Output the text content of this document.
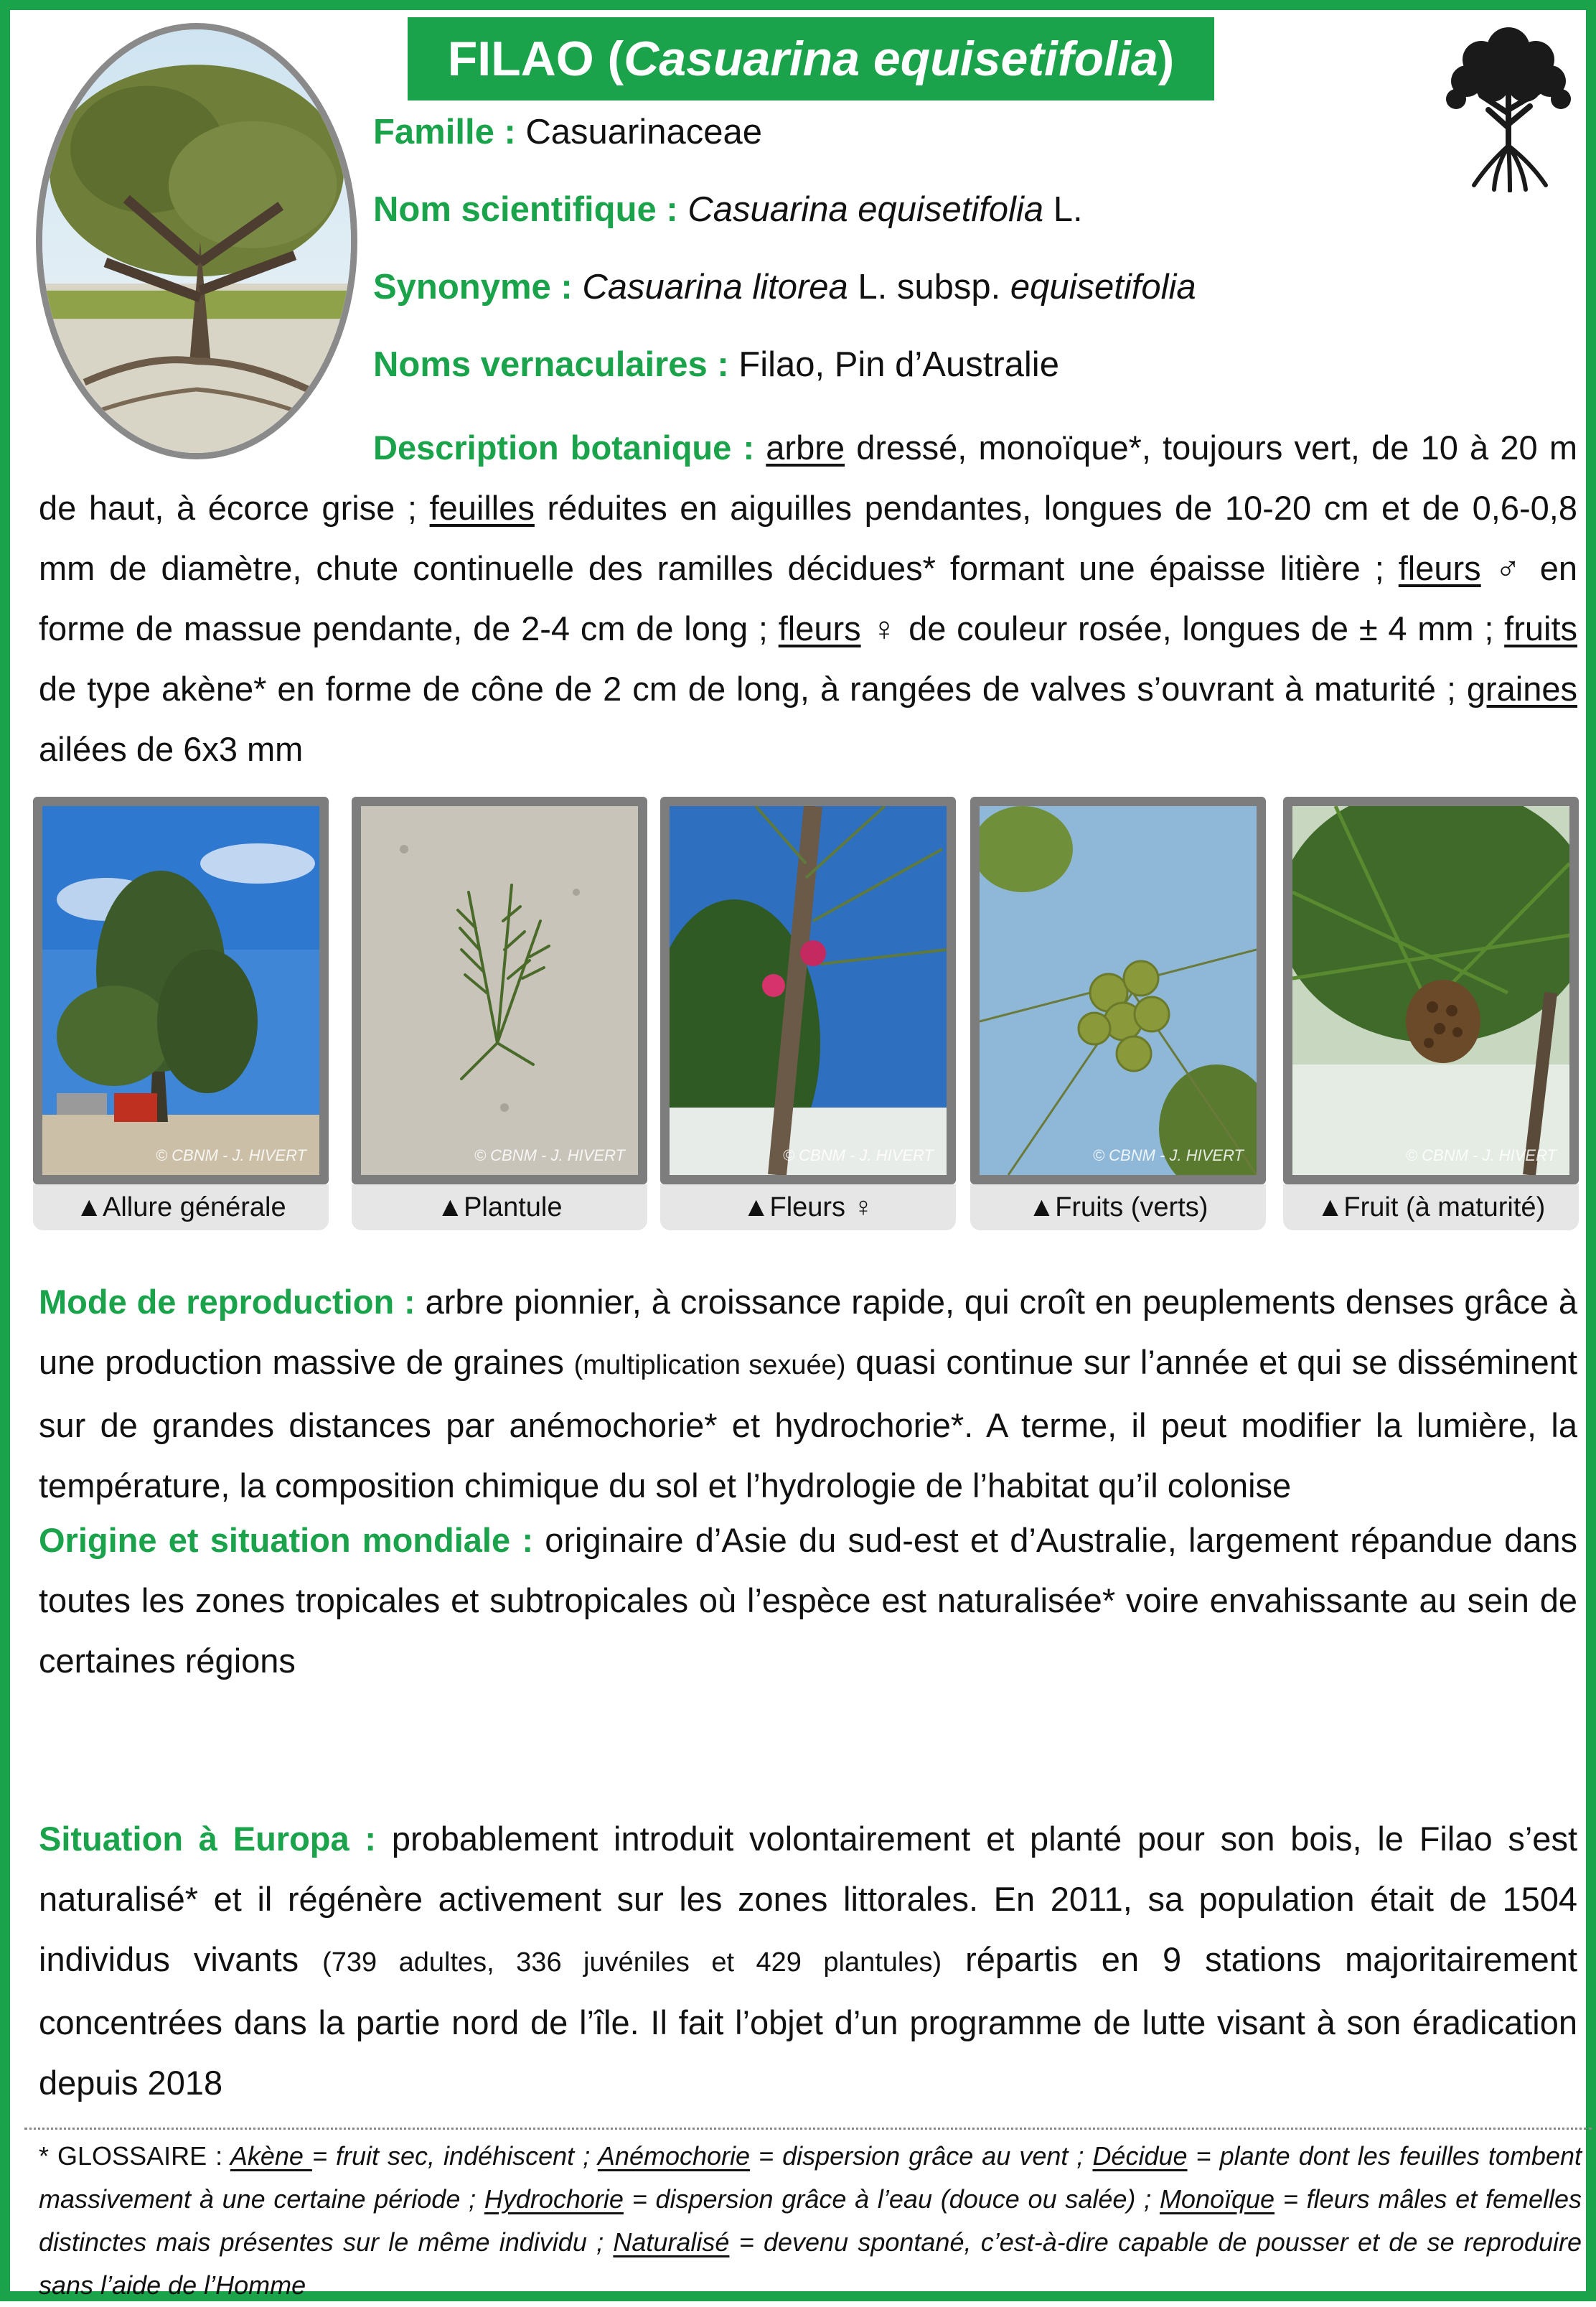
FILAO (Casuarina equisetifolia)
Famille : Casuarinaceae
Nom scientifique : Casuarina equisetifolia L.
Synonyme : Casuarina litorea L. subsp. equisetifolia
Noms vernaculaires : Filao, Pin d’Australie
Description botanique : arbre dressé, monoïque*, toujours vert, de 10 à 20 m de haut, à écorce grise ; feuilles réduites en aiguilles pendantes, longues de 10-20 cm et de 0,6-0,8 mm de diamètre, chute continuelle des ramilles décidues* formant une épaisse litière ; fleurs ♂ en forme de massue pendante, de 2-4 cm de long ; fleurs ♀ de couleur rosée, longues de ± 4 mm ; fruits de type akène* en forme de cône de 2 cm de long, à rangées de valves s’ouvrant à maturité ; graines ailées de 6x3 mm
© CBNM - J. HIVERT
▲Allure générale
© CBNM - J. HIVERT
▲Plantule
© CBNM - J. HIVERT
▲Fleurs ♀
© CBNM - J. HIVERT
▲Fruits (verts)
© CBNM - J. HIVERT
▲Fruit (à maturité)
Mode de reproduction : arbre pionnier, à croissance rapide, qui croît en peuplements denses grâce à une production massive de graines (multiplication sexuée) quasi continue sur l’année et qui se disséminent sur de grandes distances par anémochorie* et hydrochorie*. A terme, il peut modifier la lumière, la température, la composition chimique du sol et l’hydrologie de l’habitat qu’il colonise
Origine et situation mondiale : originaire d’Asie du sud-est et d’Australie, largement répandue dans toutes les zones tropicales et subtropicales où l’espèce est naturalisée* voire envahissante au sein de certaines régions
Situation à Europa : probablement introduit volontairement et planté pour son bois, le Filao s’est naturalisé* et il régénère activement sur les zones littorales. En 2011, sa population était de 1504 individus vivants (739 adultes, 336 juvéniles et 429 plantules) répartis en 9 stations majoritairement concentrées dans la partie nord de l’île. Il fait l’objet d’un programme de lutte visant à son éradication depuis 2018
* GLOSSAIRE : Akène = fruit sec, indéhiscent ; Anémochorie = dispersion grâce au vent ; Décidue = plante dont les feuilles tombent massivement à une certaine période ; Hydrochorie = dispersion grâce à l’eau (douce ou salée) ; Monoïque = fleurs mâles et femelles distinctes mais présentes sur le même individu ; Naturalisé = devenu spontané, c’est-à-dire capable de pousser et de se reproduire sans l’aide de l’Homme
